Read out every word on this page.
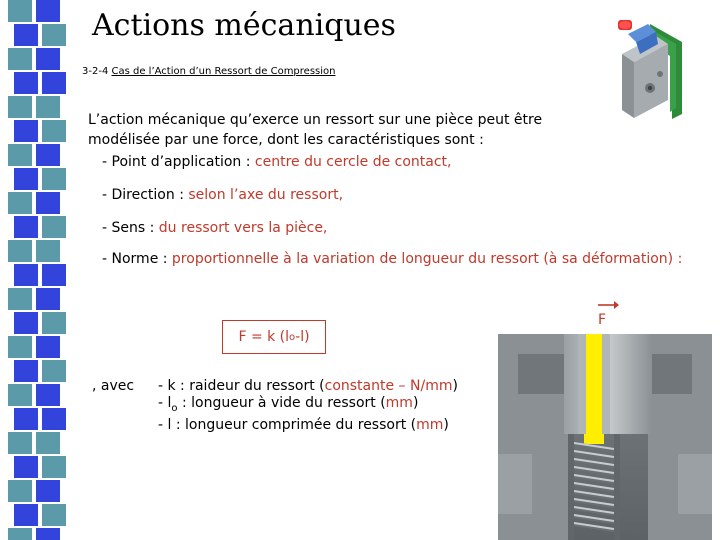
Actions mécaniques
3-2-4 Cas de l’Action d’un Ressort de Compression
L’action mécanique qu’exerce un ressort sur une pièce peut être
modélisée par une force, dont les caractéristiques sont :
- Point d’application : centre du cercle de contact,
- Direction : selon l’axe du ressort,
- Sens : du ressort vers la pièce,
- Norme : proportionnelle à la variation de longueur du ressort (à sa déformation) :
F = k (l o -l)
, avec - k : raideur du ressort (constante – N/mm)
- $l_o$ : longueur à vide du ressort (mm)
- l : longueur comprimée du ressort (mm)
F
